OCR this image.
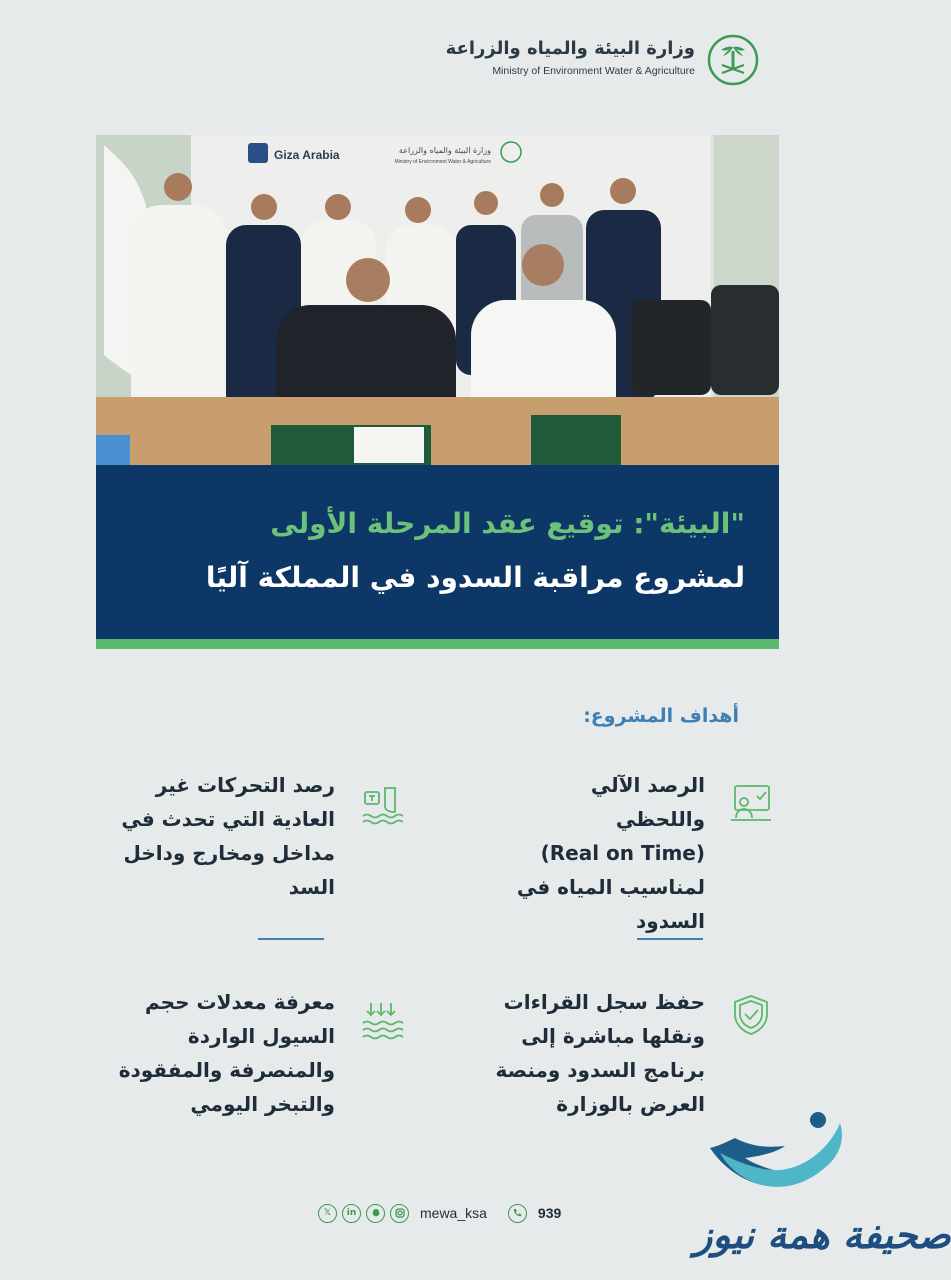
وزارة البيئة والمياه والزراعة
Ministry of Environment Water & Agriculture
Giza Arabia	وزارة البيئة والمياه والزراعة
Ministry of Environment Water & Agriculture
"البيئة": توقيع عقد المرحلة الأولى
لمشروع مراقبة السدود في المملكة آليًا
أهداف المشروع:
الرصد الآلي واللحظي
(Real on Time)
لمناسيب المياه في
السدود
رصد التحركات غير
العادية التي تحدث في
مداخل ومخارج وداخل
السد
حفظ سجل القراءات
ونقلها مباشرة إلى
برنامج السدود ومنصة
العرض بالوزارة
معرفة معدلات حجم
السيول الواردة
والمنصرفة والمفقودة
والتبخر اليومي
𝕏	in	mewa_ksa	939	صحيفة همة نيوز
